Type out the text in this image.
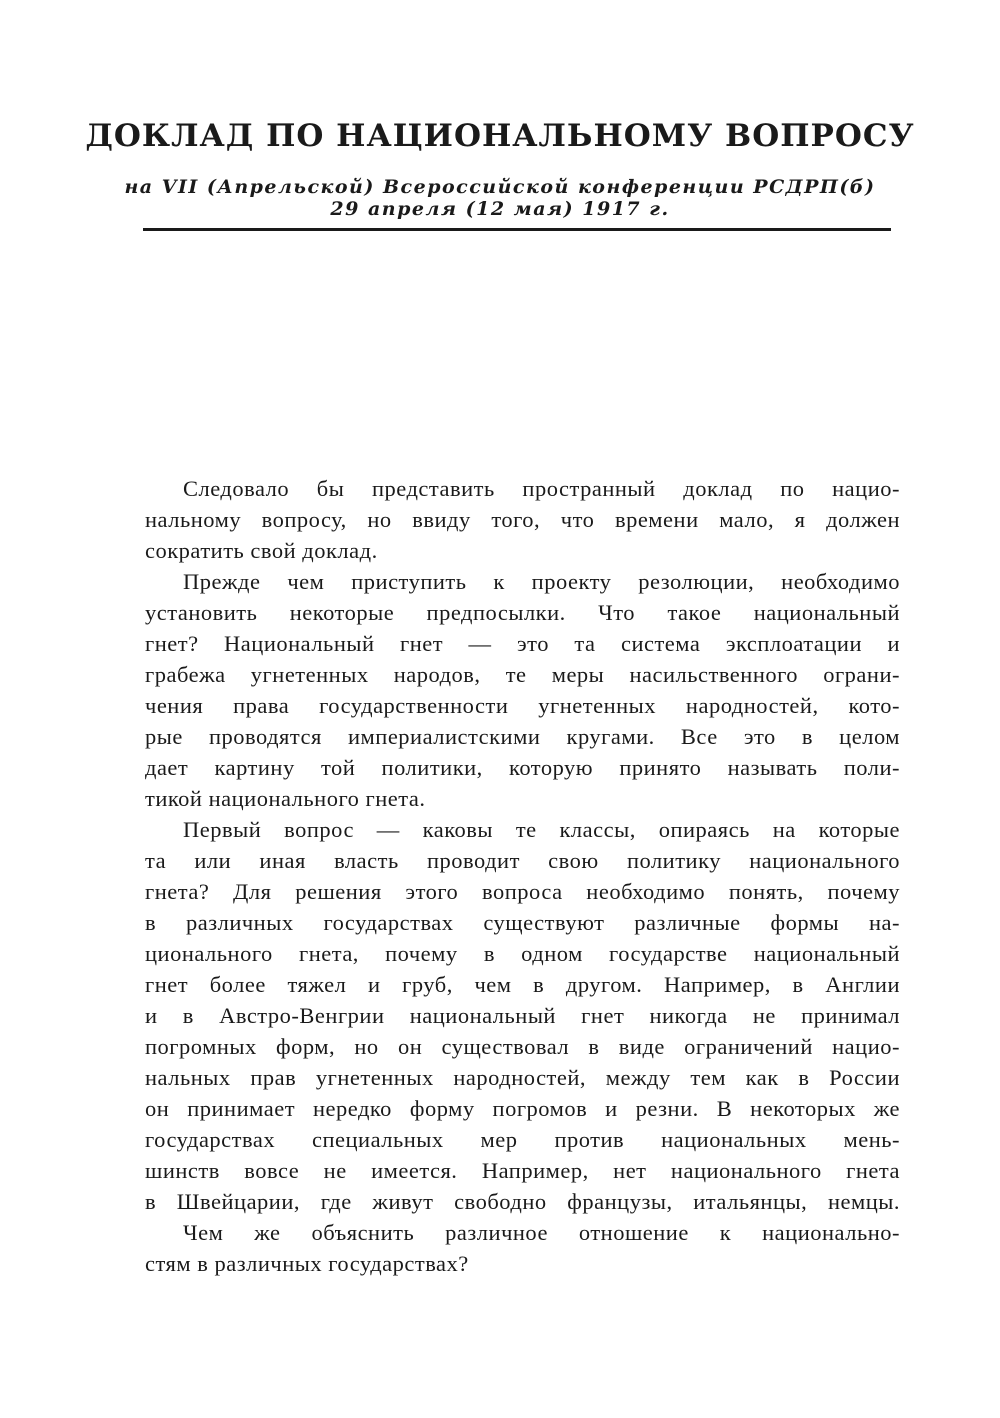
ДОКЛАД ПО НАЦИОНАЛЬНОМУ ВОПРОСУ
на VII (Апрельской) Всероссийской конференции РСДРП(б)
29 апреля (12 мая) 1917 г.
Следовало бы представить пространный доклад по нацио-
нальному вопросу, но ввиду того, что времени мало, я должен
сократить свой доклад.
Прежде чем приступить к проекту резолюции, необходимо
установить некоторые предпосылки. Что такое национальный
гнет? Национальный гнет — это та система эксплоатации и
грабежа угнетенных народов, те меры насильственного ограни-
чения права государственности угнетенных народностей, кото-
рые проводятся империалистскими кругами. Все это в целом
дает картину той политики, которую принято называть поли-
тикой национального гнета.
Первый вопрос — каковы те классы, опираясь на которые
та или иная власть проводит свою политику национального
гнета? Для решения этого вопроса необходимо понять, почему
в различных государствах существуют различные формы на-
ционального гнета, почему в одном государстве национальный
гнет более тяжел и груб, чем в другом. Например, в Англии
и в Австро-Венгрии национальный гнет никогда не принимал
погромных форм, но он существовал в виде ограничений нацио-
нальных прав угнетенных народностей, между тем как в России
он принимает нередко форму погромов и резни. В некоторых же
государствах специальных мер против национальных мень-
шинств вовсе не имеется. Например, нет национального гнета
в Швейцарии, где живут свободно французы, итальянцы, немцы.
Чем же объяснить различное отношение к национально-
стям в различных государствах?
